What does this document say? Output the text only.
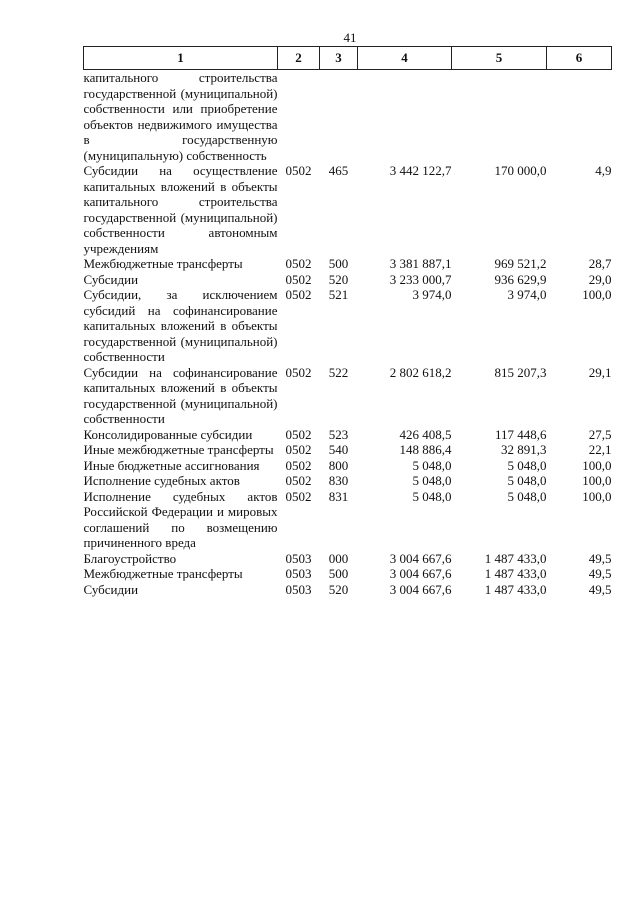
41
1	2	3	4	5	6
капитального строительства государственной (муниципальной) собственности или приобретение объектов недвижимого имущества в государственную (муниципальную) собственность					
Субсидии на осуществление капитальных вложений в объекты капитального строительства государственной (муниципальной) собственности автономным учреждениям	0502	465	3 442 122,7	170 000,0	4,9
Межбюджетные трансферты	0502	500	3 381 887,1	969 521,2	28,7
Субсидии	0502	520	3 233 000,7	936 629,9	29,0
Субсидии, за исключением субсидий на софинансирование капитальных вложений в объекты государственной (муниципальной) собственности	0502	521	3 974,0	3 974,0	100,0
Субсидии на софинансирование капитальных вложений в объекты государственной (муниципальной) собственности	0502	522	2 802 618,2	815 207,3	29,1
Консолидированные субсидии	0502	523	426 408,5	117 448,6	27,5
Иные межбюджетные трансферты	0502	540	148 886,4	32 891,3	22,1
Иные бюджетные ассигнования	0502	800	5 048,0	5 048,0	100,0
Исполнение судебных актов	0502	830	5 048,0	5 048,0	100,0
Исполнение судебных актов Российской Федерации и мировых соглашений по возмещению причиненного вреда	0502	831	5 048,0	5 048,0	100,0
Благоустройство	0503	000	3 004 667,6	1 487 433,0	49,5
Межбюджетные трансферты	0503	500	3 004 667,6	1 487 433,0	49,5
Субсидии	0503	520	3 004 667,6	1 487 433,0	49,5
